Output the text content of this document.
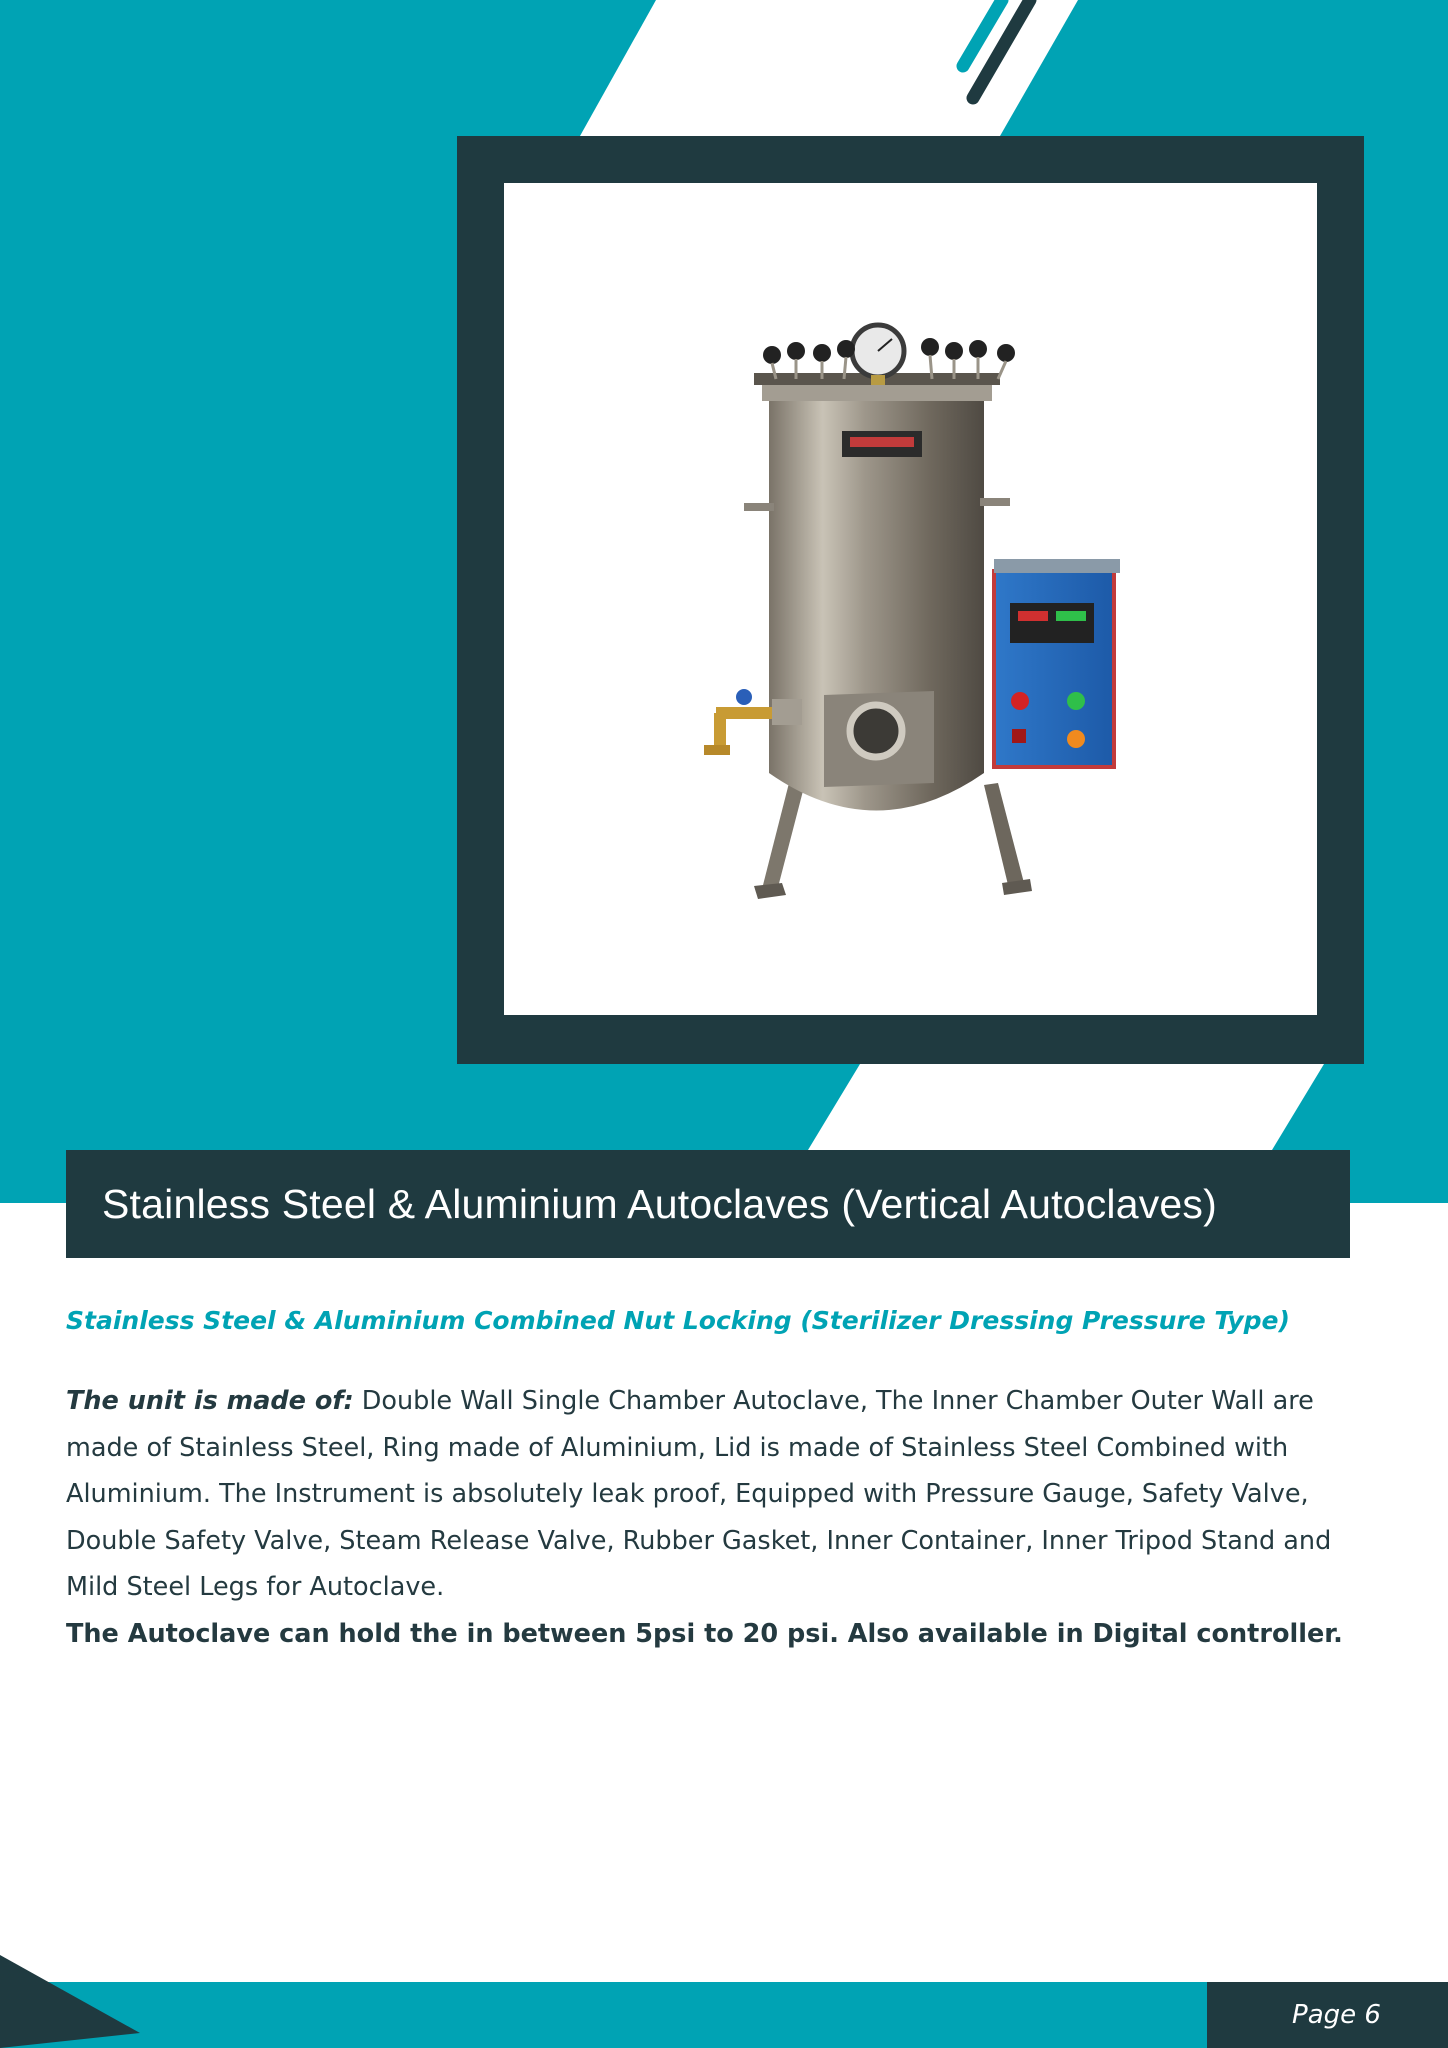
Stainless Steel & Aluminium Autoclaves (Vertical Autoclaves)

Stainless Steel & Aluminium Combined Nut Locking (Sterilizer Dressing Pressure Type)

The unit is made of: Double Wall Single Chamber Autoclave, The Inner Chamber Outer Wall are made of Stainless Steel, Ring made of Aluminium, Lid is made of Stainless Steel Combined with Aluminium. The Instrument is absolutely leak proof, Equipped with Pressure Gauge, Safety Valve, Double Safety Valve, Steam Release Valve, Rubber Gasket, Inner Container, Inner Tripod Stand and Mild Steel Legs for Autoclave.
The Autoclave can hold the in between 5psi to 20 psi. Also available in Digital controller.

Page 6
